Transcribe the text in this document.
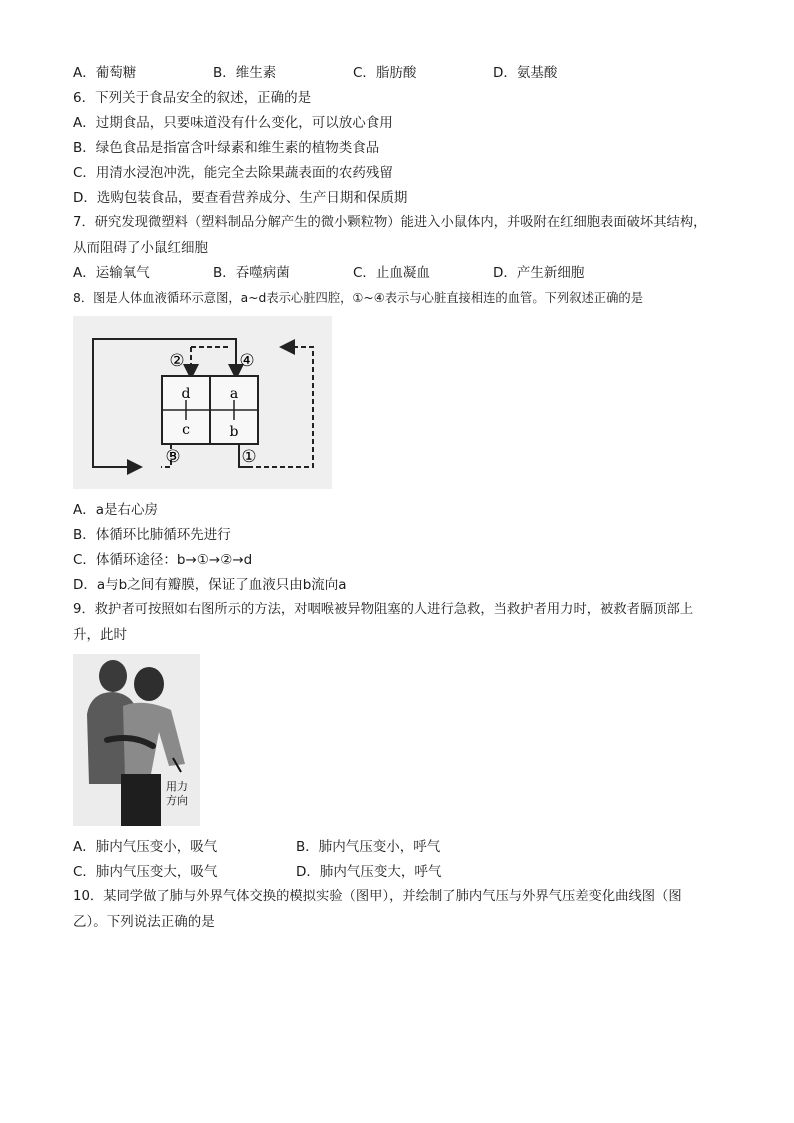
A．葡萄糖	B．维生素	C．脂肪酸	D．氨基酸
6．下列关于食品安全的叙述，正确的是
A．过期食品，只要味道没有什么变化，可以放心食用
B．绿色食品是指富含叶绿素和维生素的植物类食品
C．用清水浸泡冲洗，能完全去除果蔬表面的农药残留
D．选购包装食品，要查看营养成分、生产日期和保质期
7．研究发现微塑料（塑料制品分解产生的微小颗粒物）能进入小鼠体内，并吸附在红细胞表面破坏其结构，
从而阻碍了小鼠红细胞
A．运输氧气	B．吞噬病菌	C．止血凝血	D．产生新细胞
8．图是人体血液循环示意图，a~d表示心脏四腔，①~④表示与心脏直接相连的血管。下列叙述正确的是
d	a
c	b
②	④
③	①
A．a是右心房
B．体循环比肺循环先进行
C．体循环途径：b→①→②→d
D．a与b之间有瓣膜，保证了血液只由b流向a
9．救护者可按照如右图所示的方法，对咽喉被异物阻塞的人进行急救，当救护者用力时，被救者膈顶部上
升，此时
用力
方向
A．肺内气压变小，吸气	B．肺内气压变小，呼气
C．肺内气压变大，吸气	D．肺内气压变大，呼气
10．某同学做了肺与外界气体交换的模拟实验（图甲），并绘制了肺内气压与外界气压差变化曲线图（图
乙）。下列说法正确的是
